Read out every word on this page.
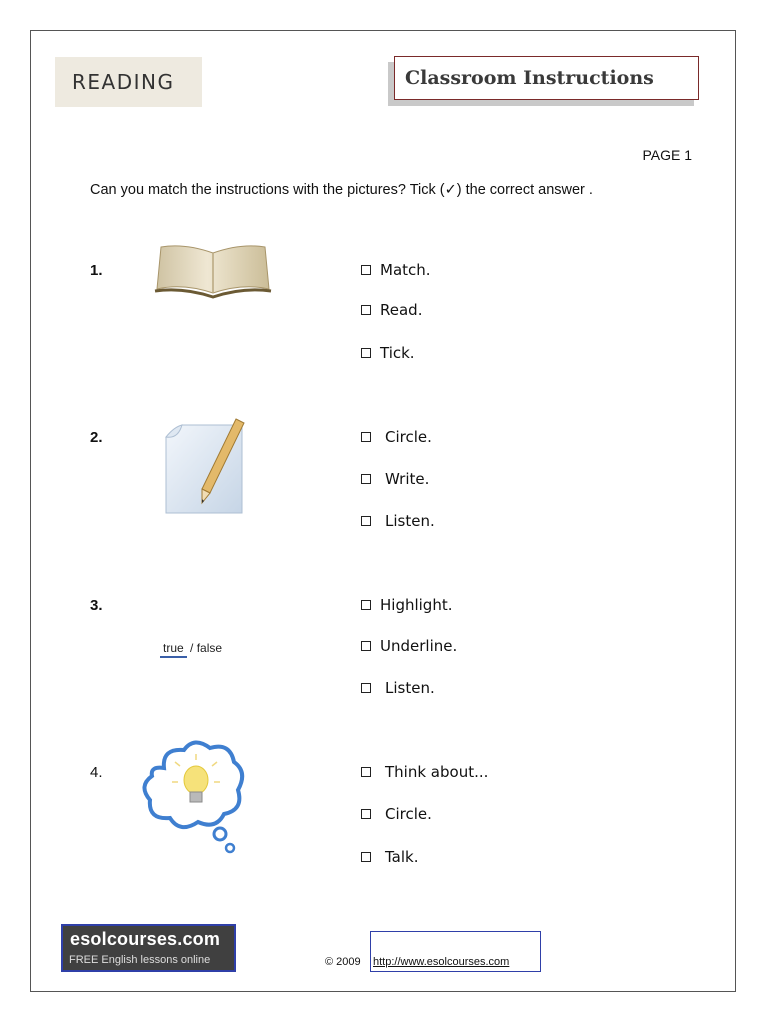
READING	Classroom Instructions
PAGE 1
Can you match the instructions with the pictures? Tick (✓) the correct answer .
1.	Match.
Read.
Tick.
2.	Circle.
Write.
Listen.
3.
true / false
Highlight.
Underline.
Listen.
4.	Think about...
Circle.
Talk.
esolcourses.com
FREE English lessons online	© 2009 http://www.esolcourses.com
